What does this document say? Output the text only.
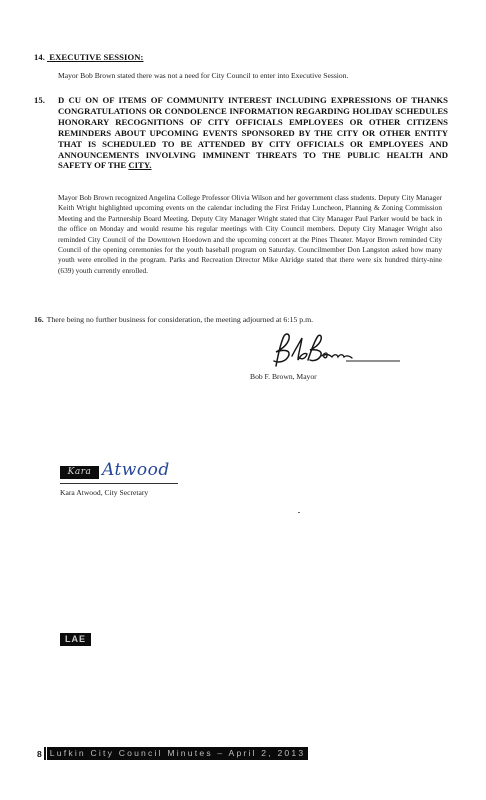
14. EXECUTIVE SESSION:
Mayor Bob Brown stated there was not a need for City Council to enter into Executive Session.
15. D CU ON OF ITEMS OF COMMUNITY INTEREST INCLUDING EXPRESSIONS OF THANKS CONGRATULATIONS OR CONDOLENCE INFORMATION REGARDING HOLIDAY SCHEDULES HONORARY RECOGNITIONS OF CITY OFFICIALS EMPLOYEES OR OTHER CITIZENS REMINDERS ABOUT UPCOMING EVENTS SPONSORED BY THE CITY OR OTHER ENTITY THAT IS SCHEDULED TO BE ATTENDED BY CITY OFFICIALS OR EMPLOYEES AND ANNOUNCEMENTS INVOLVING IMMINENT THREATS TO THE PUBLIC HEALTH AND SAFETY OF THE CITY.
Mayor Bob Brown recognized Angelina College Professor Olivia Wilson and her government class students. Deputy City Manager Keith Wright highlighted upcoming events on the calendar including the First Friday Luncheon, Planning & Zoning Commission Meeting and the Partnership Board Meeting. Deputy City Manager Wright stated that City Manager Paul Parker would be back in the office on Monday and would resume his regular meetings with City Council members. Deputy City Manager Wright also reminded City Council of the Downtown Hoedown and the upcoming concert at the Pines Theater. Mayor Brown reminded City Council of the opening ceremonies for the youth baseball program on Saturday. Councilmember Don Langston asked how many youth were enrolled in the program. Parks and Recreation Director Mike Akridge stated that there were six hundred thirty-nine (639) youth currently enrolled.
16. There being no further business for consideration, the meeting adjourned at 6:15 p.m.
Bob F. Brown, Mayor
Kara Atwood
Kara Atwood, City Secretary
LAE
8 Lufkin City Council Minutes – April 2, 2013
